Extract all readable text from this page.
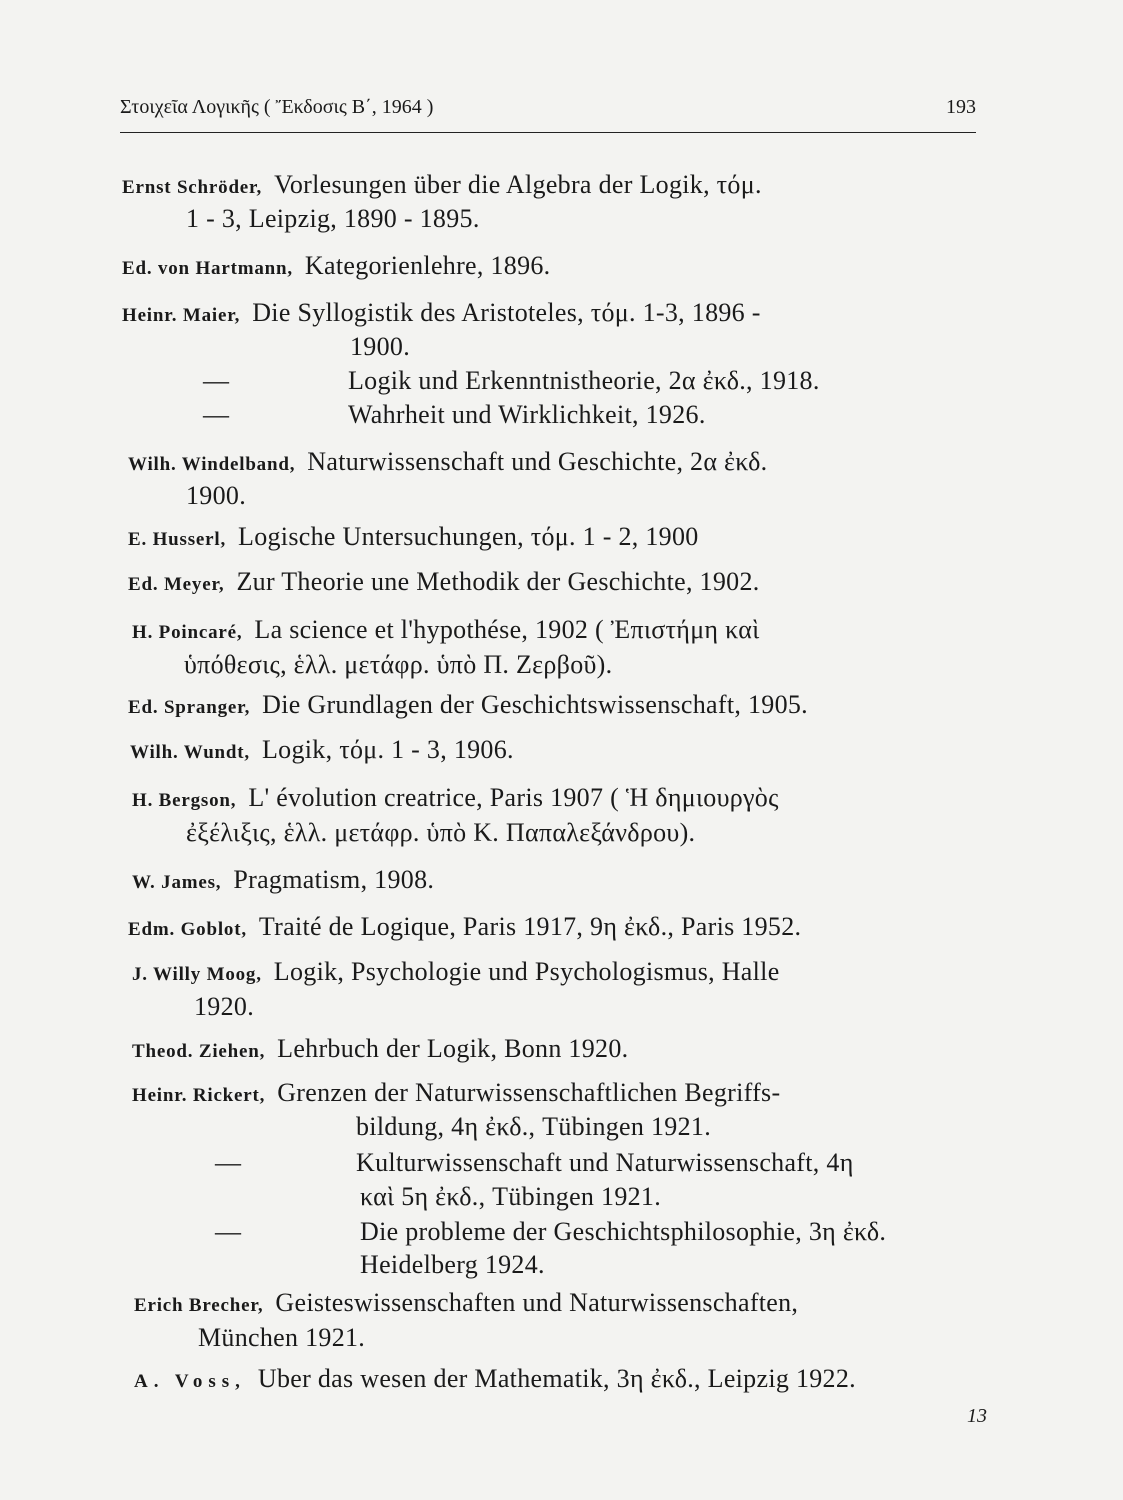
Στοιχεῖα Λογικῆς ( Ἔκδοσις Β΄, 1964 )	193
Ernst Schröder, Vorlesungen über die Algebra der Logik, τόμ.
1 - 3, Leipzig, 1890 - 1895.
Ed. von Hartmann, Kategorienlehre, 1896.
Heinr. Maier, Die Syllogistik des Aristoteles, τόμ. 1-3, 1896 -
1900.
—	Logik und Erkenntnistheorie, 2α ἐκδ., 1918.
—	Wahrheit und Wirklichkeit, 1926.
Wilh. Windelband, Naturwissenschaft und Geschichte, 2α ἐκδ.
1900.
E. Husserl, Logische Untersuchungen, τόμ. 1 - 2, 1900
Ed. Meyer, Zur Theorie une Methodik der Geschichte, 1902.
H. Poincaré, La science et l'hypothése, 1902 ( Ἐπιστήμη καὶ
ὑπόθεσις, ἑλλ. μετάφρ. ὑπὸ Π. Ζερβοῦ).
Ed. Spranger, Die Grundlagen der Geschichtswissenschaft, 1905.
Wilh. Wundt, Logik, τόμ. 1 - 3, 1906.
H. Bergson, L' évolution creatrice, Paris 1907 ( Ἡ δημιουργὸς
ἐξέλιξις, ἑλλ. μετάφρ. ὑπὸ Κ. Παπαλεξάνδρου).
W. James, Pragmatism, 1908.
Edm. Goblot, Traité de Logique, Paris 1917, 9η ἐκδ., Paris 1952.
J. Willy Moog, Logik, Psychologie und Psychologismus, Halle
1920.
Theod. Ziehen, Lehrbuch der Logik, Bonn 1920.
Heinr. Rickert, Grenzen der Naturwissenschaftlichen Begriffs-
bildung, 4η ἐκδ., Tübingen 1921.
—	Kulturwissenschaft und Naturwissenschaft, 4η
καὶ 5η ἐκδ., Tübingen 1921.
—	Die probleme der Geschichtsphilosophie, 3η ἐκδ.
Heidelberg 1924.
Erich Brecher, Geisteswissenschaften und Naturwissenschaften,
München 1921.
A. Voss, Uber das wesen der Mathematik, 3η ἐκδ., Leipzig 1922.
13
